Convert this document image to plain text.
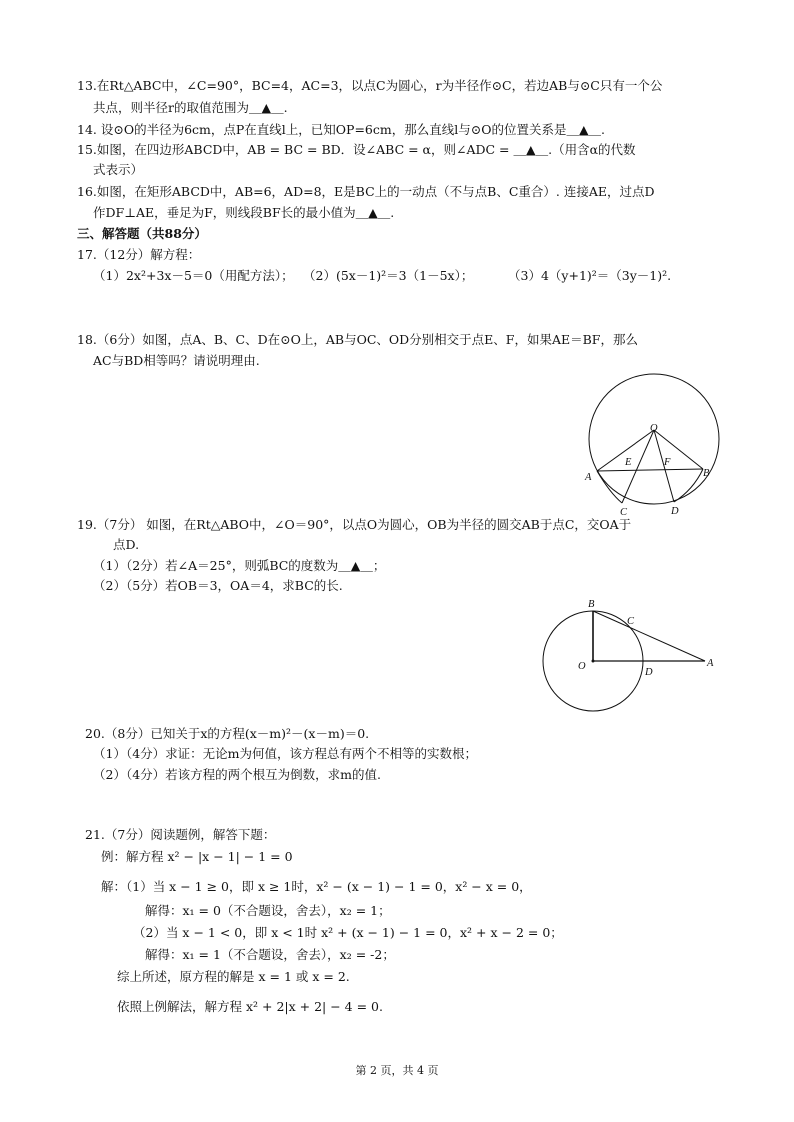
13.在Rt△ABC中，∠C=90°，BC=4，AC=3，以点C为圆心，r为半径作⊙C，若边AB与⊙C只有一个公
共点，则半径r的取值范围为＿▲＿.
14. 设⊙O的半径为6cm，点P在直线l上，已知OP=6cm，那么直线l与⊙O的位置关系是＿▲＿.
15.如图，在四边形ABCD中，AB = BC = BD．设∠ABC = α，则∠ADC = ＿▲＿.（用含α的代数
式表示）
16.如图，在矩形ABCD中，AB=6，AD=8，E是BC上的一动点（不与点B、C重合）. 连接AE，过点D
作DF⊥AE，垂足为F，则线段BF长的最小值为＿▲＿.
三、解答题（共88分）
17.（12分）解方程：
（1）2x²+3x－5＝0（用配方法）； （2）(5x－1)²＝3（1－5x）；	（3）4（y+1)²＝（3y－1)².
18.（6分）如图，点A、B、C、D在⊙O上，AB与OC、OD分别相交于点E、F，如果AE＝BF，那么
AC与BD相等吗？请说明理由.
O
A	B
C	D
E	F
19.（7分） 如图，在Rt△ABO中，∠O＝90°，以点O为圆心，OB为半径的圆交AB于点C，交OA于
点D.
（1）（2分）若∠A＝25°，则弧BC的度数为＿▲＿；
（2）（5分）若OB＝3，OA＝4，求BC的长.
B
C
O
D
A
20.（8分）已知关于x的方程(x－m)²－(x－m)＝0.
（1）（4分）求证：无论m为何值，该方程总有两个不相等的实数根；
（2）（4分）若该方程的两个根互为倒数，求m的值.
21.（7分）阅读题例，解答下题：
例：解方程 x² − |x − 1| − 1 = 0
解：（1）当 x − 1 ≥ 0，即 x ≥ 1时，x² − (x − 1) − 1 = 0，x² − x = 0，
解得：x₁ = 0（不合题设，舍去），x₂ = 1；
（2）当 x − 1 < 0，即 x < 1时 x² + (x − 1) − 1 = 0，x² + x − 2 = 0；
解得：x₁ = 1（不合题设，舍去），x₂ = -2；
综上所述，原方程的解是 x = 1 或 x = 2.
依照上例解法，解方程 x² + 2|x + 2| − 4 = 0.
第 2 页，共 4 页
